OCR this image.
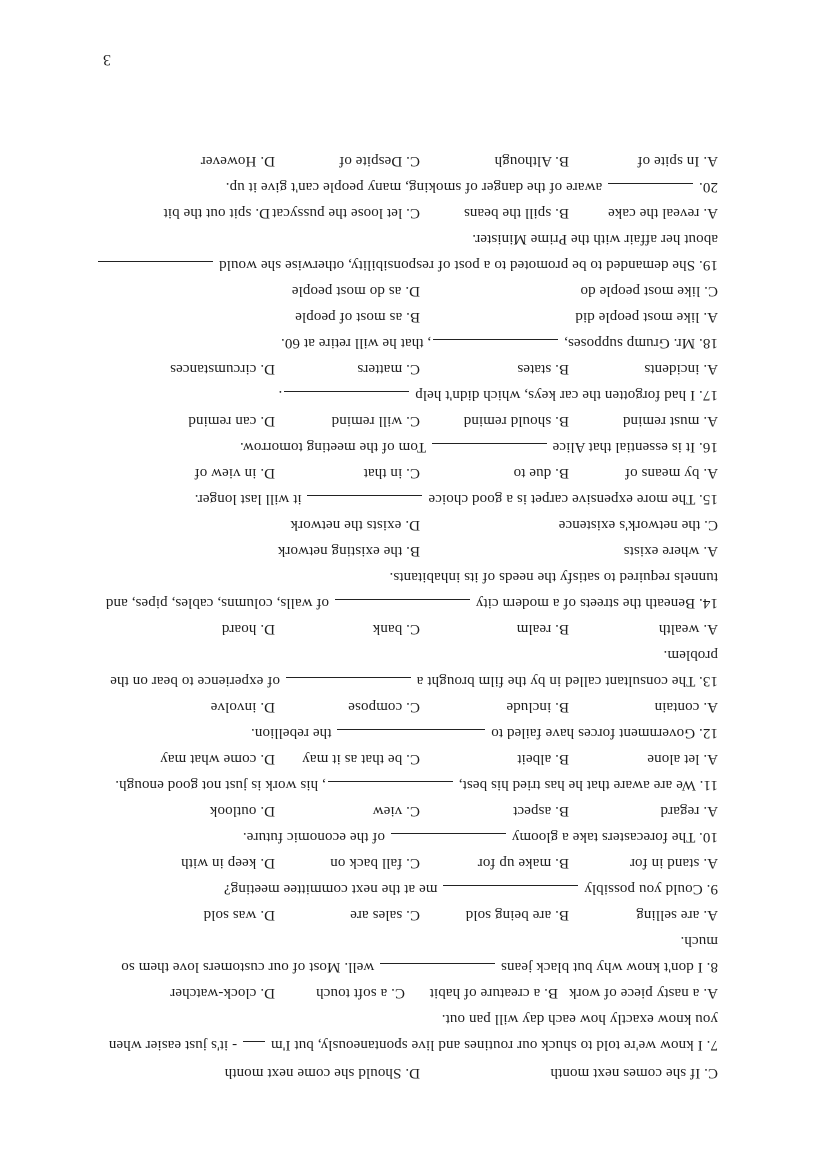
C. If she comes next month
D. Should she come next month
7. I know we're told to shuck our routines and live spontaneously, but I'm  - it's just easier when
you know exactly how each day will pan out.
A. a nasty piece of work
B. a creature of habit
C. a soft touch
D. clock-watcher
8. I don't know why but black jeans  well. Most of our customers love them so
much.
A. are selling
B. are being sold
C. sales are
D. was sold
9. Could you possibly  me at the next committee meeting?
A. stand in for
B. make up for
C. fall back on
D. keep in with
10. The forecasters take a gloomy  of the economic future.
A. regard
B. aspect
C. view
D. outlook
11. We are aware that he has tried his best, , his work is just not good enough.
A. let alone
B. albeit
C. be that as it may
D. come what may
12. Government forces have failed to  the rebellion.
A. contain
B. include
C. compose
D. involve
13. The consultant called in by the film brought a  of experience to bear on the
problem.
A. wealth
B. realm
C. bank
D. hoard
14. Beneath the streets of a modern city  of walls, columns, cables, pipes, and
tunnels required to satisfy the needs of its inhabitants.
A. where exists
B. the existing network
C. the network's existence
D. exists the network
15. The more expensive carpet is a good choice  it will last longer.
A. by means of
B. due to
C. in that
D. in view of
16. It is essential that Alice  Tom of the meeting tomorrow.
A. must remind
B. should remind
C. will remind
D. can remind
17. I had forgotten the car keys, which didn't help .
A. incidents
B. states
C. matters
D. circumstances
18. Mr. Grump supposes, , that he will retire at 60.
A. like most people did
B. as most of people
C. like most people do
D. as do most people
19. She demanded to be promoted to a post of responsibility, otherwise she would
about her affair with the Prime Minister.
A. reveal the cake
B. spill the beans
C. let loose the pussycat
D. spit out the bit
20.  aware of the danger of smoking, many people can't give it up.
A. In spite of
B. Although
C. Despite of
D. However
3
